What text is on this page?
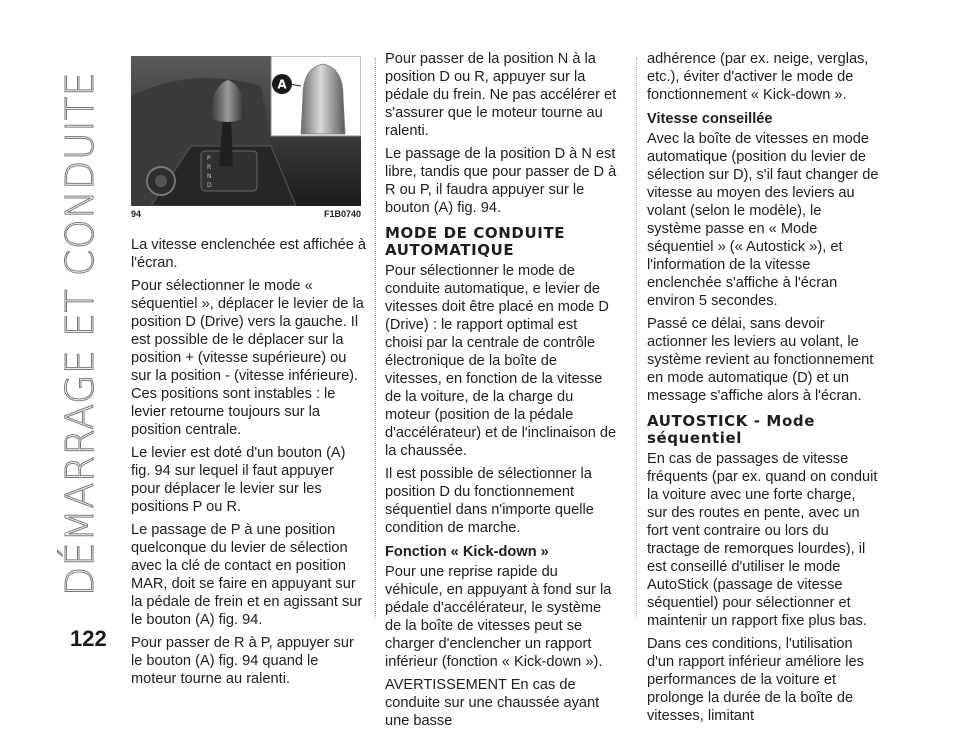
DÉMARRAGE ET CONDUITE	P
R
N
D
A
94	F1B0740

La vitesse enclenchée est affichée à l'écran.

Pour sélectionner le mode « séquentiel », déplacer le levier de la position D (Drive) vers la gauche. Il est possible de le déplacer sur la position + (vitesse supérieure) ou sur la position - (vitesse inférieure). Ces positions sont instables : le levier retourne toujours sur la position centrale.

Le levier est doté d'un bouton (A) fig. 94 sur lequel il faut appuyer pour déplacer le levier sur les positions P ou R.

Le passage de P à une position quelconque du levier de sélection avec la clé de contact en position MAR, doit se faire en appuyant sur la pédale de frein et en agissant sur le bouton (A) fig. 94.

Pour passer de R à P, appuyer sur le bouton (A) fig. 94 quand le moteur tourne au ralenti.

Pour passer de la position N à la position D ou R, appuyer sur la pédale du frein. Ne pas accélérer et s'assurer que le moteur tourne au ralenti.

Le passage de la position D à N est libre, tandis que pour passer de D à R ou P, il faudra appuyer sur le bouton (A) fig. 94.

MODE DE CONDUITE AUTOMATIQUE

Pour sélectionner le mode de conduite automatique, e levier de vitesses doit être placé en mode D (Drive) : le rapport optimal est choisi par la centrale de contrôle électronique de la boîte de vitesses, en fonction de la vitesse de la voiture, de la charge du moteur (position de la pédale d'accélérateur) et de l'inclinaison de la chaussée.

Il est possible de sélectionner la position D du fonctionnement séquentiel dans n'importe quelle condition de marche.

Fonction « Kick-down »

Pour une reprise rapide du véhicule, en appuyant à fond sur la pédale d'accélérateur, le système de la boîte de vitesses peut se charger d'enclencher un rapport inférieur (fonction « Kick-down »).

AVERTISSEMENT En cas de conduite sur une chaussée ayant une basse

adhérence (par ex. neige, verglas, etc.), éviter d'activer le mode de fonctionnement « Kick-down ».

Vitesse conseillée

Avec la boîte de vitesses en mode automatique (position du levier de sélection sur D), s'il faut changer de vitesse au moyen des leviers au volant (selon le modèle), le système passe en « Mode séquentiel » (« Autostick »), et l'information de la vitesse enclenchée s'affiche à l'écran environ 5 secondes.

Passé ce délai, sans devoir actionner les leviers au volant, le système revient au fonctionnement en mode automatique (D) et un message s'affiche alors à l'écran.

AUTOSTICK - Mode séquentiel

En cas de passages de vitesse fréquents (par ex. quand on conduit la voiture avec une forte charge, sur des routes en pente, avec un fort vent contraire ou lors du tractage de remorques lourdes), il est conseillé d'utiliser le mode AutoStick (passage de vitesse séquentiel) pour sélectionner et maintenir un rapport fixe plus bas.

Dans ces conditions, l'utilisation d'un rapport inférieur améliore les performances de la voiture et prolonge la durée de la boîte de vitesses, limitant

122
